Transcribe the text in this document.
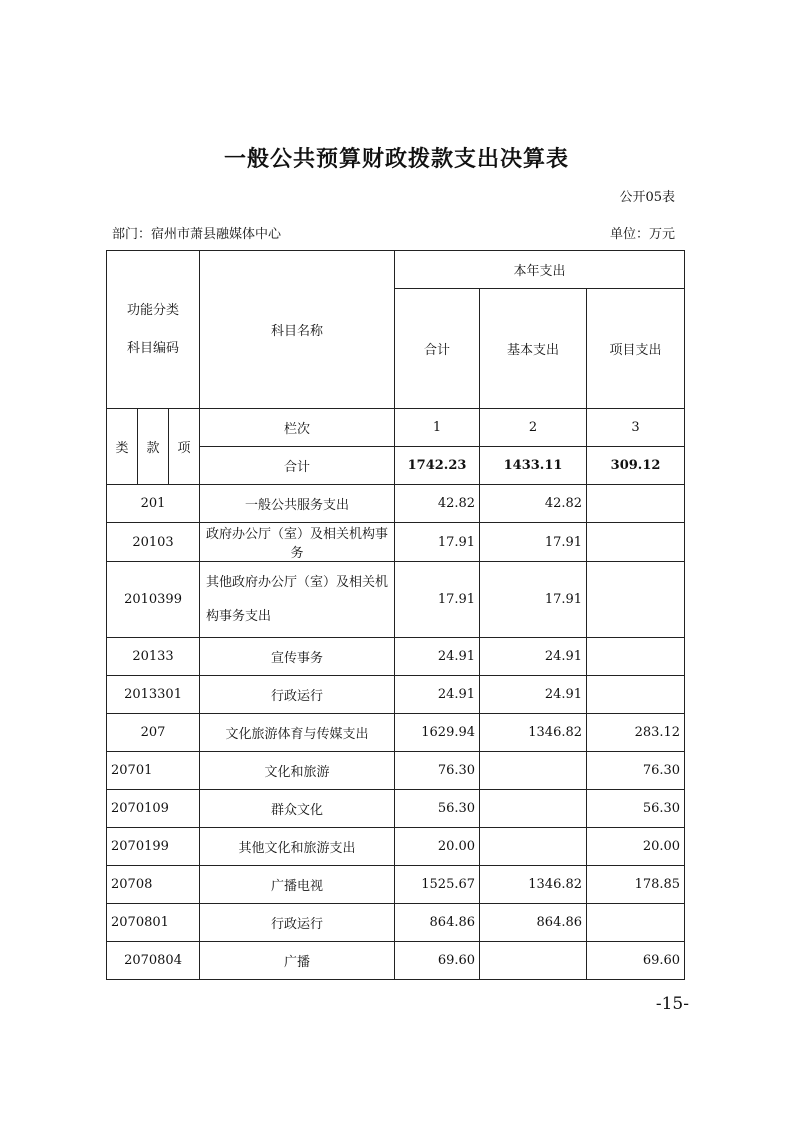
一般公共预算财政拨款支出决算表
公开05表
部门：宿州市萧县融媒体中心	单位：万元
功能分类
科目编码			科目名称	本年支出		
				合计	基本支出	项目支出

类	款	项	栏次	1	2	3
			合计	1742.23	1433.11	309.12
201			一般公共服务支出	42.82	42.82	
20103			政府办公厅（室）及相关机构事务	17.91	17.91	
2010399			其他政府办公厅（室）及相关机构事务支出	17.91	17.91	
20133			宣传事务	24.91	24.91	
2013301			行政运行	24.91	24.91	
207			文化旅游体育与传媒支出	1629.94	1346.82	283.12
20701			文化和旅游	76.30		76.30
2070109			群众文化	56.30		56.30
2070199			其他文化和旅游支出	20.00		20.00
20708			广播电视	1525.67	1346.82	178.85
2070801			行政运行	864.86	864.86	
2070804			广播	69.60		69.60
-15-
